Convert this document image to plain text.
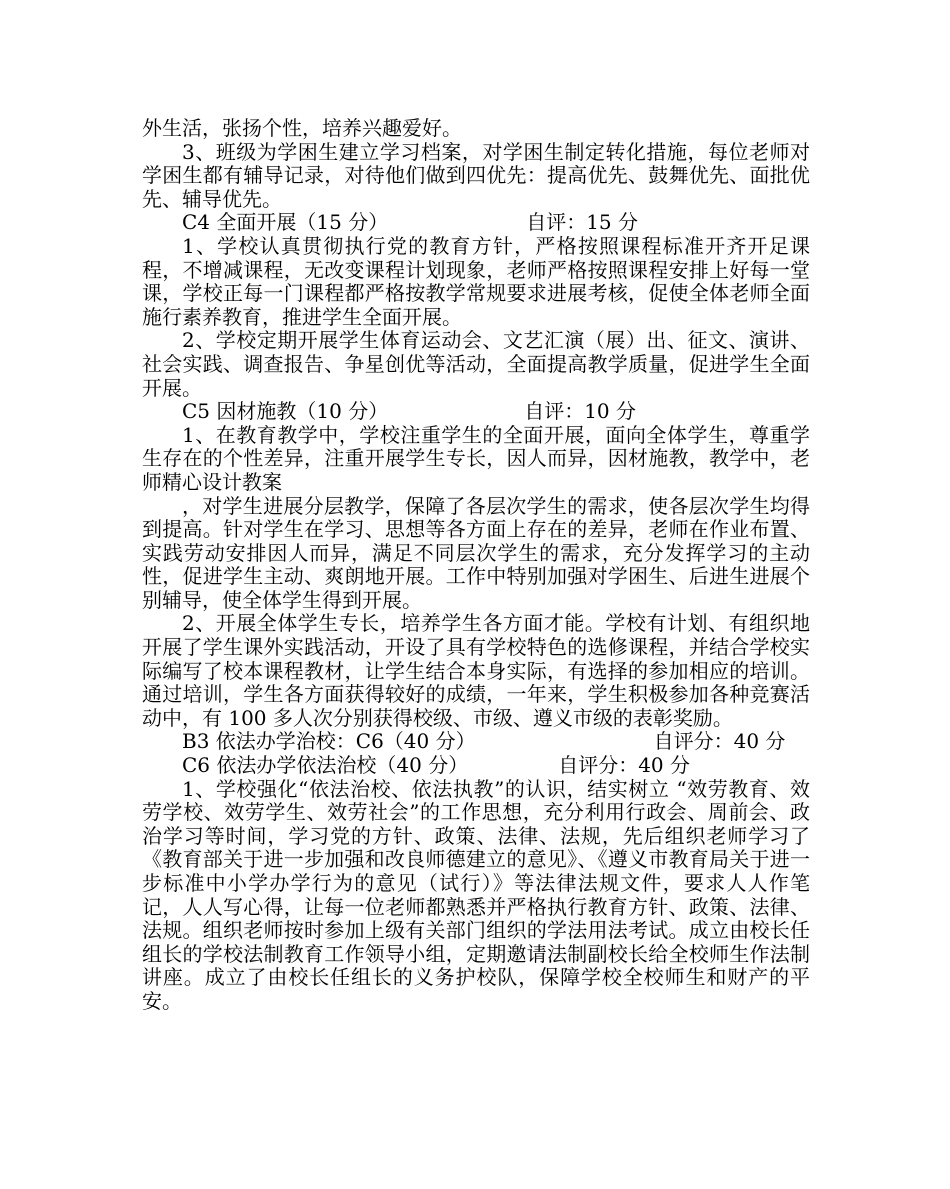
外生活，张扬个性，培养兴趣爱好。

3、班级为学困生建立学习档案，对学困生制定转化措施，每位老师对学困生都有辅导记录，对待他们做到四优先：提高优先、鼓舞优先、面批优先、辅导优先。

C4 全面开展（15 分）	自评：15 分

1、学校认真贯彻执行党的教育方针，严格按照课程标准开齐开足课程，不增减课程，无改变课程计划现象，老师严格按照课程安排上好每一堂课，学校正每一门课程都严格按教学常规要求进展考核，促使全体老师全面施行素养教育，推进学生全面开展。

2、学校定期开展学生体育运动会、文艺汇演（展）出、征文、演讲、社会实践、调查报告、争星创优等活动，全面提高教学质量，促进学生全面开展。

C5 因材施教（10 分）	自评：10 分

1、在教育教学中，学校注重学生的全面开展，面向全体学生，尊重学生存在的个性差异，注重开展学生专长，因人而异，因材施教，教学中，老师精心设计教案

，对学生进展分层教学，保障了各层次学生的需求，使各层次学生均得到提高。针对学生在学习、思想等各方面上存在的差异，老师在作业布置、实践劳动安排因人而异，满足不同层次学生的需求，充分发挥学习的主动性，促进学生主动、爽朗地开展。工作中特别加强对学困生、后进生进展个别辅导，使全体学生得到开展。

2、开展全体学生专长，培养学生各方面才能。学校有计划、有组织地开展了学生课外实践活动，开设了具有学校特色的选修课程，并结合学校实际编写了校本课程教材，让学生结合本身实际，有选择的参加相应的培训。通过培训，学生各方面获得较好的成绩，一年来，学生积极参加各种竞赛活动中，有 100 多人次分别获得校级、市级、遵义市级的表彰奖励。

B3 依法办学治校：C6（40 分）	自评分：40 分
C6 依法办学依法治校（40 分）	自评分：40 分

1、学校强化“依法治校、依法执教”的认识，结实树立 “效劳教育、效劳学校、效劳学生、效劳社会”的工作思想，充分利用行政会、周前会、政治学习等时间，学习党的方针、政策、法律、法规，先后组织老师学习了《教育部关于进一步加强和改良师德建立的意见》、《遵义市教育局关于进一步标准中小学办学行为的意见（试行）》等法律法规文件，要求人人作笔记，人人写心得，让每一位老师都熟悉并严格执行教育方针、政策、法律、法规。组织老师按时参加上级有关部门组织的学法用法考试。成立由校长任组长的学校法制教育工作领导小组，定期邀请法制副校长给全校师生作法制讲座。成立了由校长任组长的义务护校队，保障学校全校师生和财产的平安。
